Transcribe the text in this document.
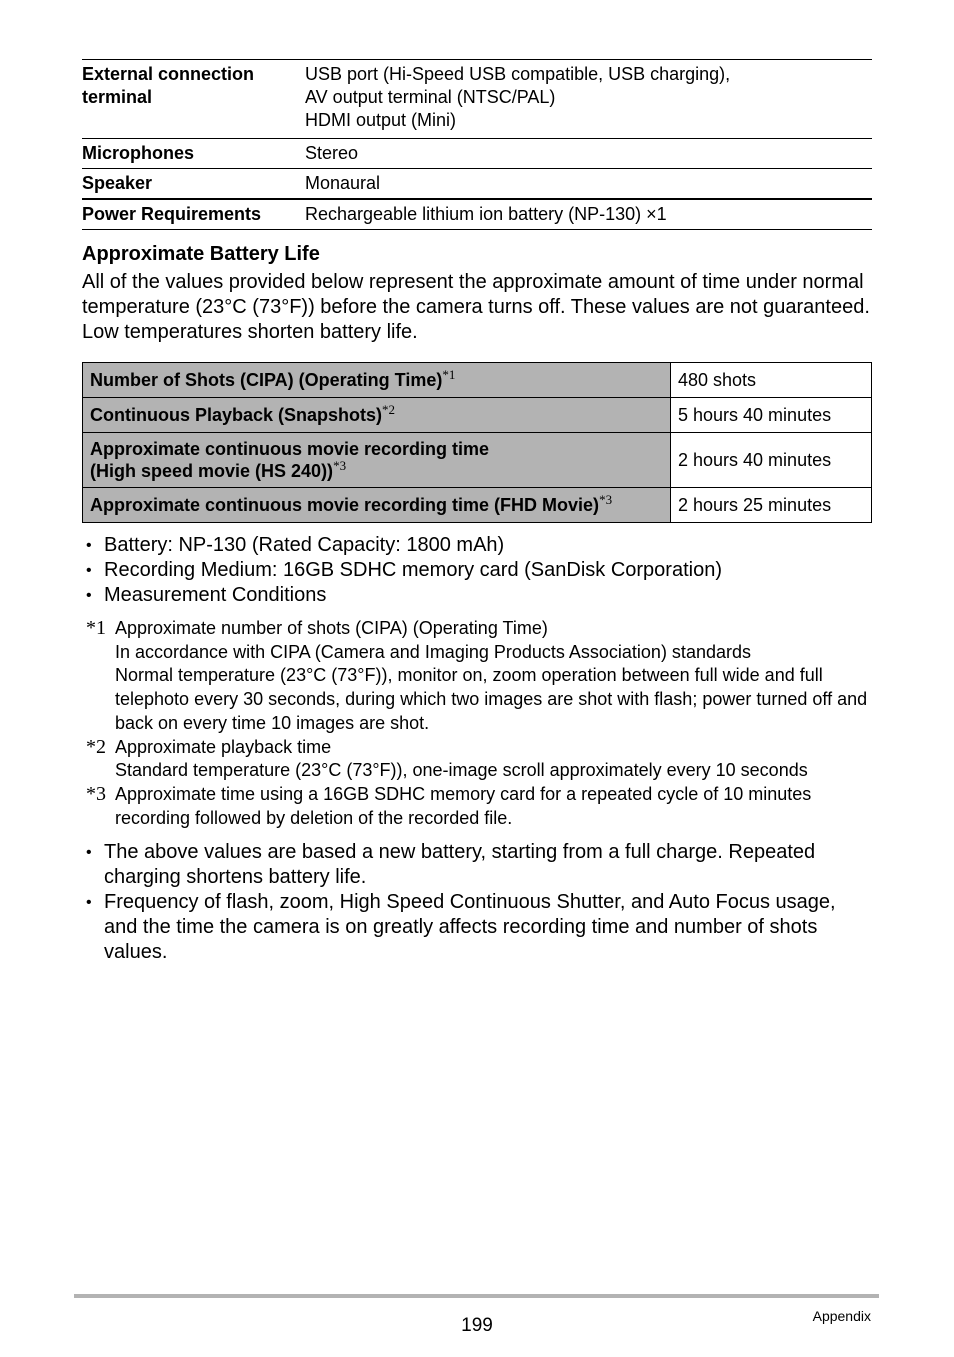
External connection terminal	USB port (Hi-Speed USB compatible, USB charging),
AV output terminal (NTSC/PAL)
HDMI output (Mini)

Microphones	Stereo
Speaker	Monaural
Power Requirements	Rechargeable lithium ion battery (NP-130) ×1
Approximate Battery Life

All of the values provided below represent the approximate amount of time under normal temperature (23°C (73°F)) before the camera turns off. These values are not guaranteed. Low temperatures shorten battery life.

Number of Shots (CIPA) (Operating Time)$^{*1}$	480 shots
Continuous Playback (Snapshots)$^{*2}$	5 hours 40 minutes

Approximate continuous movie recording time
(High speed movie (HS 240))$^{*3}$	2 hours 40 minutes
Approximate continuous movie recording time (FHD Movie)$^{*3}$	2 hours 25 minutes
• Battery: NP-130 (Rated Capacity: 1800 mAh)
• Recording Medium: 16GB SDHC memory card (SanDisk Corporation)
• Measurement Conditions
*1 Approximate number of shots (CIPA) (Operating Time)
In accordance with CIPA (Camera and Imaging Products Association) standards
Normal temperature (23°C (73°F)), monitor on, zoom operation between full wide and full telephoto every 30 seconds, during which two images are shot with flash; power turned off and back on every time 10 images are shot.
*2 Approximate playback time
Standard temperature (23°C (73°F)), one-image scroll approximately every 10 seconds
*3 Approximate time using a 16GB SDHC memory card for a repeated cycle of 10 minutes recording followed by deletion of the recorded file.
• The above values are based a new battery, starting from a full charge. Repeated charging shortens battery life.
• Frequency of flash, zoom, High Speed Continuous Shutter, and Auto Focus usage, and the time the camera is on greatly affects recording time and number of shots values.
199	Appendix
